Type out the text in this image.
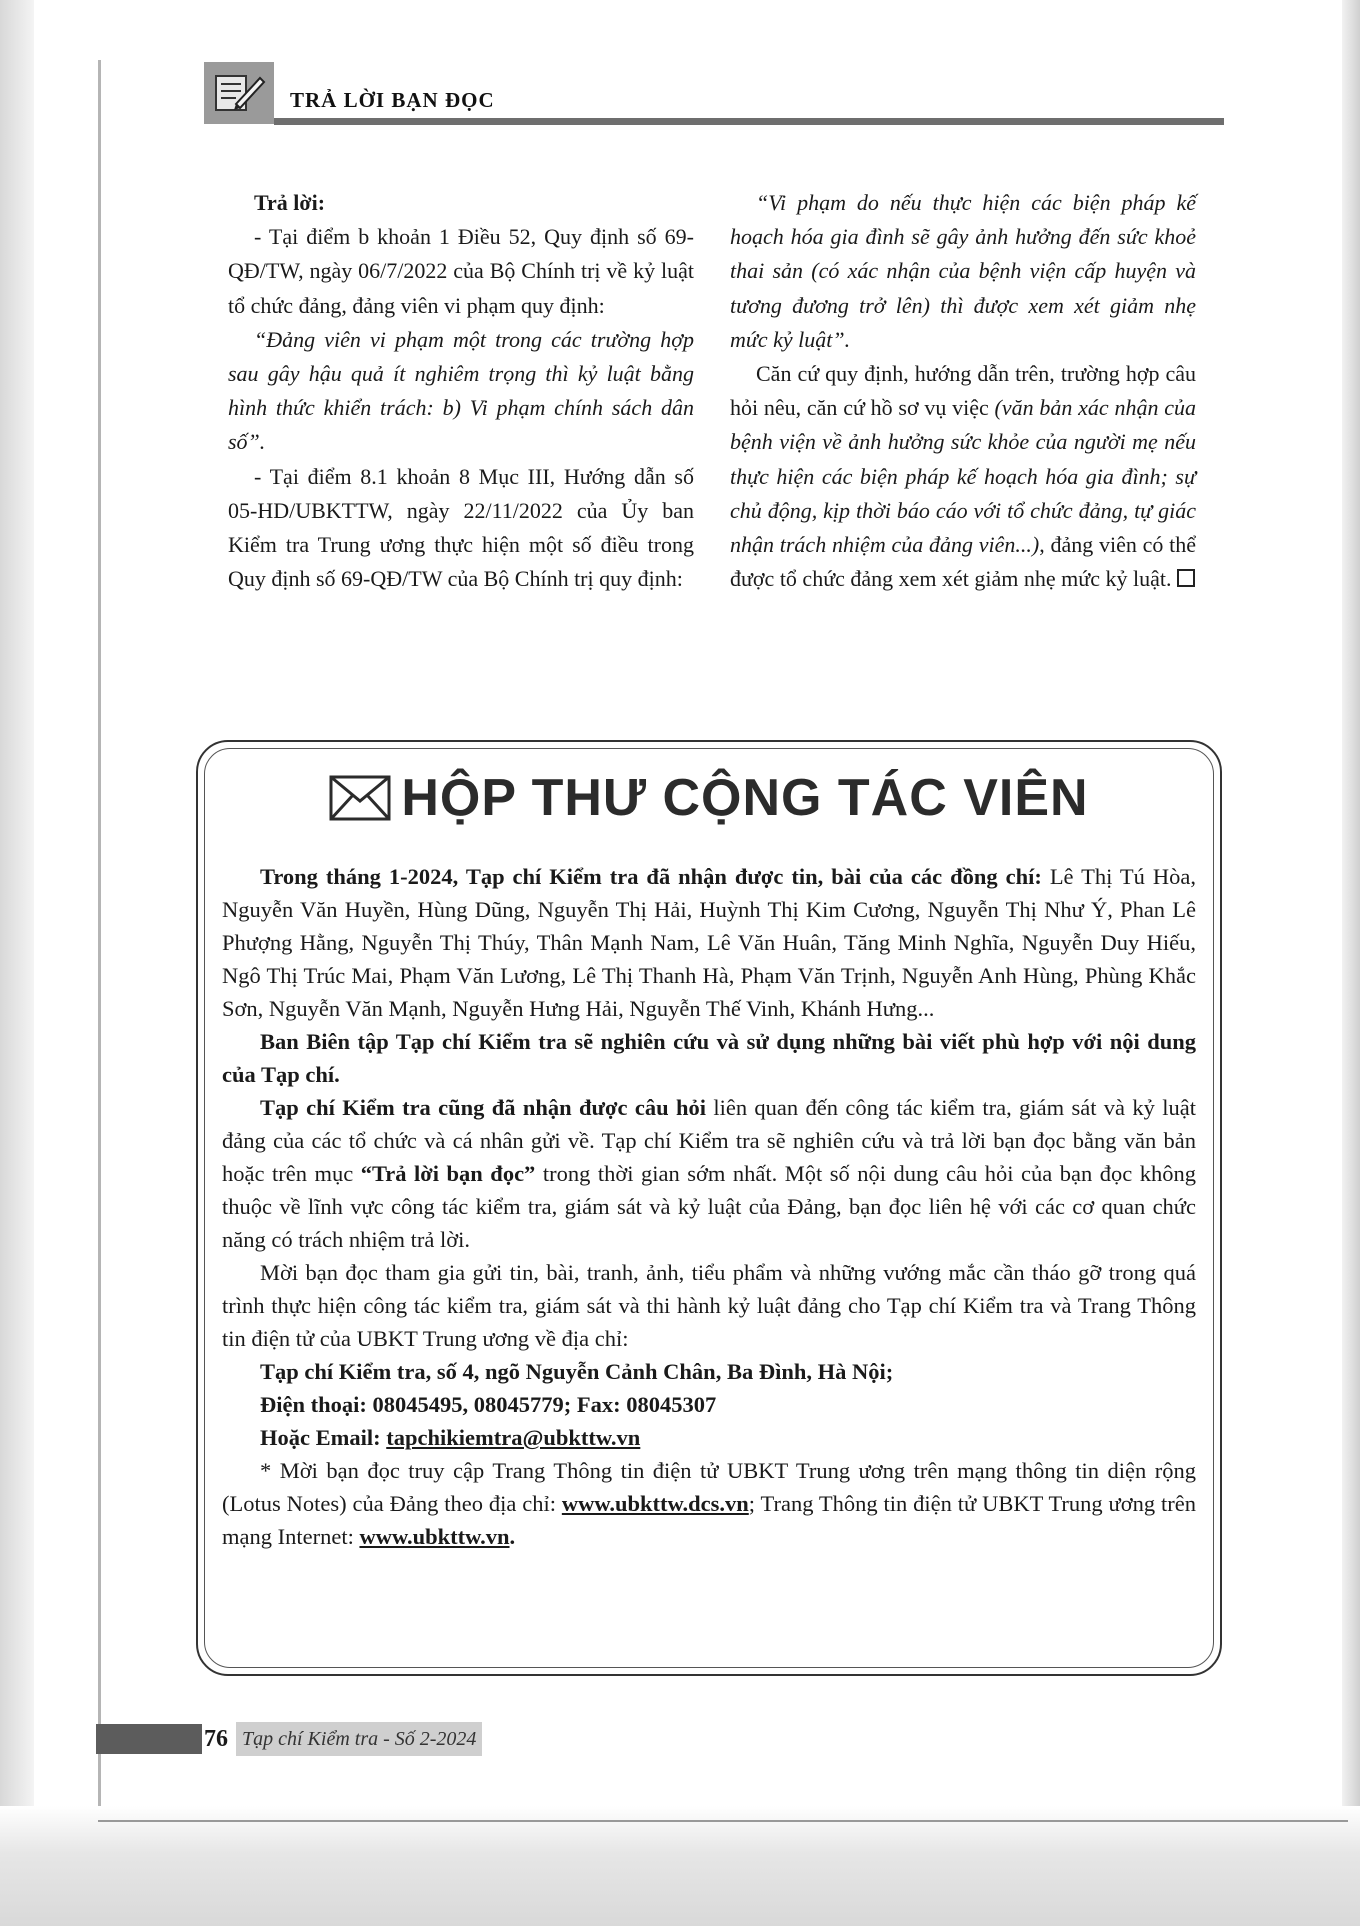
TRẢ LỜI BẠN ĐỌC

Trả lời:

- Tại điểm b khoản 1 Điều 52, Quy định số 69-QĐ/TW, ngày 06/7/2022 của Bộ Chính trị về kỷ luật tổ chức đảng, đảng viên vi phạm quy định:

“Đảng viên vi phạm một trong các trường hợp sau gây hậu quả ít nghiêm trọng thì kỷ luật bằng hình thức khiển trách: b) Vi phạm chính sách dân số”.

- Tại điểm 8.1 khoản 8 Mục III, Hướng dẫn số 05-HD/UBKTTW, ngày 22/11/2022 của Ủy ban Kiểm tra Trung ương thực hiện một số điều trong Quy định số 69-QĐ/TW của Bộ Chính trị quy định:

“Vi phạm do nếu thực hiện các biện pháp kế hoạch hóa gia đình sẽ gây ảnh hưởng đến sức khoẻ thai sản (có xác nhận của bệnh viện cấp huyện và tương đương trở lên) thì được xem xét giảm nhẹ mức kỷ luật”.

Căn cứ quy định, hướng dẫn trên, trường hợp câu hỏi nêu, căn cứ hồ sơ vụ việc (văn bản xác nhận của bệnh viện về ảnh hưởng sức khỏe của người mẹ nếu thực hiện các biện pháp kế hoạch hóa gia đình; sự chủ động, kịp thời báo cáo với tổ chức đảng, tự giác nhận trách nhiệm của đảng viên...), đảng viên có thể được tổ chức đảng xem xét giảm nhẹ mức kỷ luật.

HỘP THƯ CỘNG TÁC VIÊN

Trong tháng 1-2024, Tạp chí Kiểm tra đã nhận được tin, bài của các đồng chí: Lê Thị Tú Hòa, Nguyễn Văn Huyền, Hùng Dũng, Nguyễn Thị Hải, Huỳnh Thị Kim Cương, Nguyễn Thị Như Ý, Phan Lê Phượng Hằng, Nguyễn Thị Thúy, Thân Mạnh Nam, Lê Văn Huân, Tăng Minh Nghĩa, Nguyễn Duy Hiếu, Ngô Thị Trúc Mai, Phạm Văn Lương, Lê Thị Thanh Hà, Phạm Văn Trịnh, Nguyễn Anh Hùng, Phùng Khắc Sơn, Nguyễn Văn Mạnh, Nguyễn Hưng Hải, Nguyễn Thế Vinh, Khánh Hưng...

Ban Biên tập Tạp chí Kiểm tra sẽ nghiên cứu và sử dụng những bài viết phù hợp với nội dung của Tạp chí.

Tạp chí Kiểm tra cũng đã nhận được câu hỏi liên quan đến công tác kiểm tra, giám sát và kỷ luật đảng của các tổ chức và cá nhân gửi về. Tạp chí Kiểm tra sẽ nghiên cứu và trả lời bạn đọc bằng văn bản hoặc trên mục “Trả lời bạn đọc” trong thời gian sớm nhất. Một số nội dung câu hỏi của bạn đọc không thuộc về lĩnh vực công tác kiểm tra, giám sát và kỷ luật của Đảng, bạn đọc liên hệ với các cơ quan chức năng có trách nhiệm trả lời.

Mời bạn đọc tham gia gửi tin, bài, tranh, ảnh, tiểu phẩm và những vướng mắc cần tháo gỡ trong quá trình thực hiện công tác kiểm tra, giám sát và thi hành kỷ luật đảng cho Tạp chí Kiểm tra và Trang Thông tin điện tử của UBKT Trung ương về địa chỉ:

Tạp chí Kiểm tra, số 4, ngõ Nguyễn Cảnh Chân, Ba Đình, Hà Nội;

Điện thoại: 08045495, 08045779; Fax: 08045307

Hoặc Email: tapchikiemtra@ubkttw.vn

* Mời bạn đọc truy cập Trang Thông tin điện tử UBKT Trung ương trên mạng thông tin diện rộng (Lotus Notes) của Đảng theo địa chỉ: www.ubkttw.dcs.vn; Trang Thông tin điện tử UBKT Trung ương trên mạng Internet: www.ubkttw.vn.

76 Tạp chí Kiểm tra - Số 2-2024
